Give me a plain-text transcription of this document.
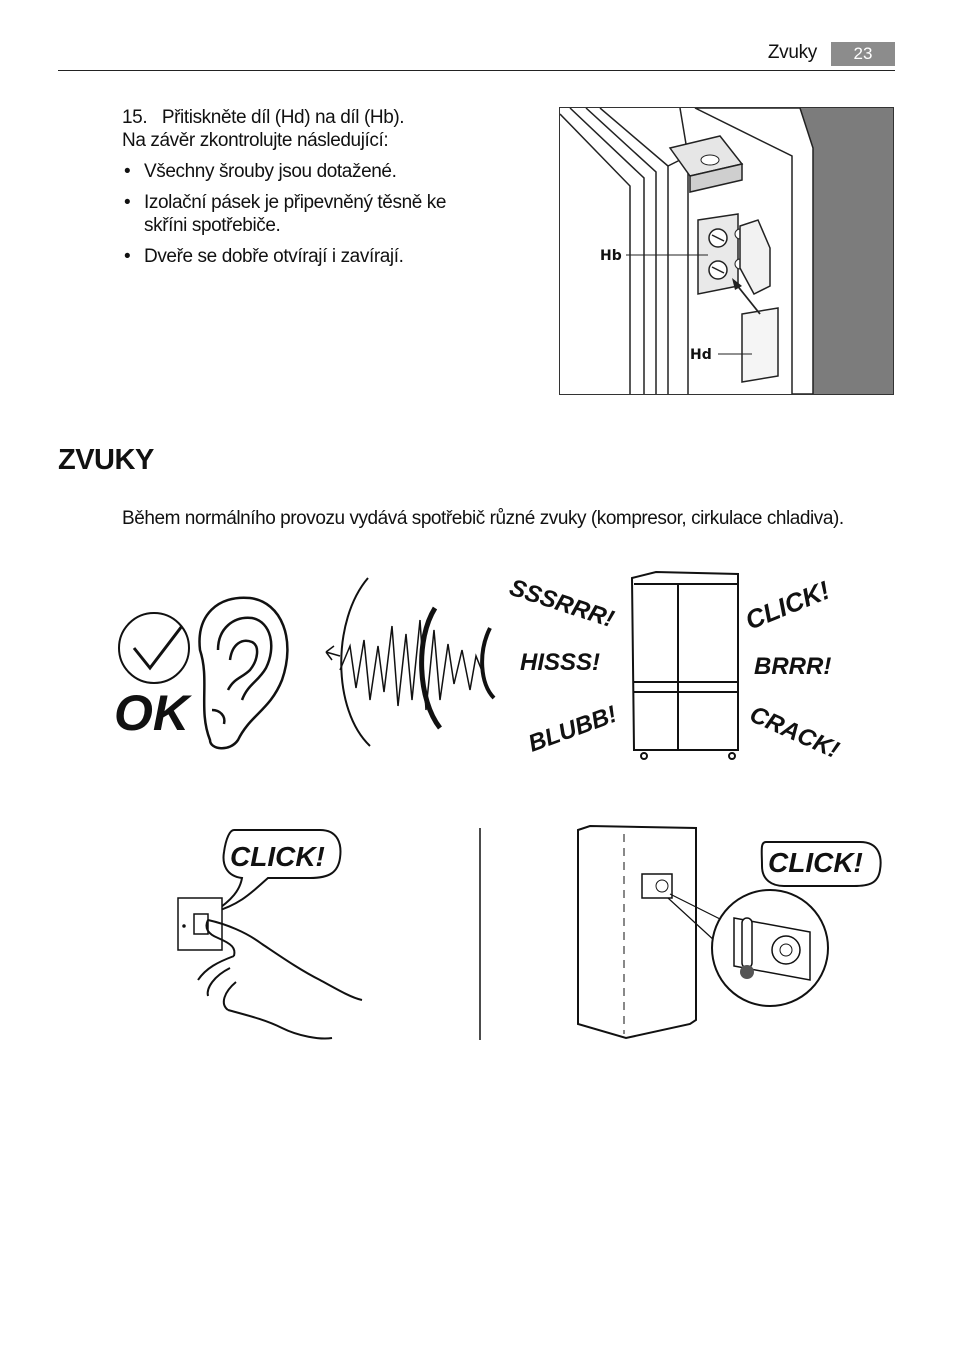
Zvuky	23
15. Přitiskněte díl (Hd) na díl (Hb).
Na závěr zkontrolujte následující:
• Všechny šrouby jsou dotažené.
• Izolační pásek je připevněný těsně ke
skříni spotřebiče.
• Dveře se dobře otvírají i zavírají.	Hb
Hd
ZVUKY
Během normálního provozu vydává spotřebič různé zvuky (kompresor, cirkulace chladiva).
OK
SSSRRR!
HISSS!
BLUBB!
CLICK!
BRRR!
CRACK!
CLICK!	CLICK!
